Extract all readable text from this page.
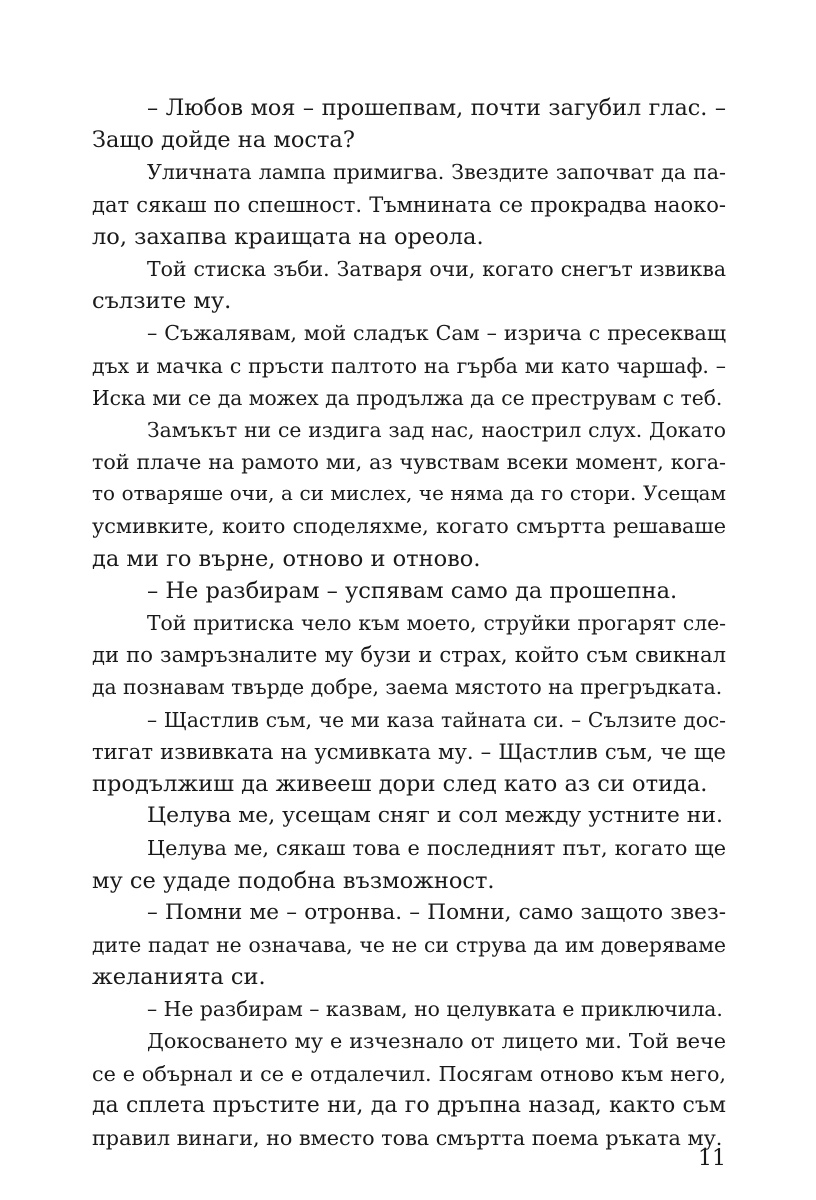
– Любов моя – прошепвам, почти загубил глас. –
Защо дойде на моста?
Уличната лампа примигва. Звездите започват да па-
дат сякаш по спешност. Тъмнината се прокрадва наоко-
ло, захапва краищата на ореола.
Той стиска зъби. Затваря очи, когато снегът извиква
сълзите му.
– Съжалявам, мой сладък Сам – изрича с пресекващ
дъх и мачка с пръсти палтото на гърба ми като чаршаф. –
Иска ми се да можех да продължа да се преструвам с теб.
Замъкът ни се издига зад нас, наострил слух. Докато
той плаче на рамото ми, аз чувствам всеки момент, кога-
то отваряше очи, а си мислех, че няма да го стори. Усещам
усмивките, които споделяхме, когато смъртта решаваше
да ми го върне, отново и отново.
– Не разбирам – успявам само да прошепна.
Той притиска чело към моето, струйки прогарят сле-
ди по замръзналите му бузи и страх, който съм свикнал
да познавам твърде добре, заема мястото на прегръдката.
– Щастлив съм, че ми каза тайната си. – Сълзите дос-
тигат извивката на усмивката му. – Щастлив съм, че ще
продължиш да живееш дори след като аз си отида.
Целува ме, усещам сняг и сол между устните ни.
Целува ме, сякаш това е последният път, когато ще
му се удаде подобна възможност.
– Помни ме – отронва. – Помни, само защото звез-
дите падат не означава, че не си струва да им доверяваме
желанията си.
– Не разбирам – казвам, но целувката е приключила.
Докосването му е изчезнало от лицето ми. Той вече
се е обърнал и се е отдалечил. Посягам отново към него,
да сплета пръстите ни, да го дръпна назад, както съм
правил винаги, но вместо това смъртта поема ръката му.
11
